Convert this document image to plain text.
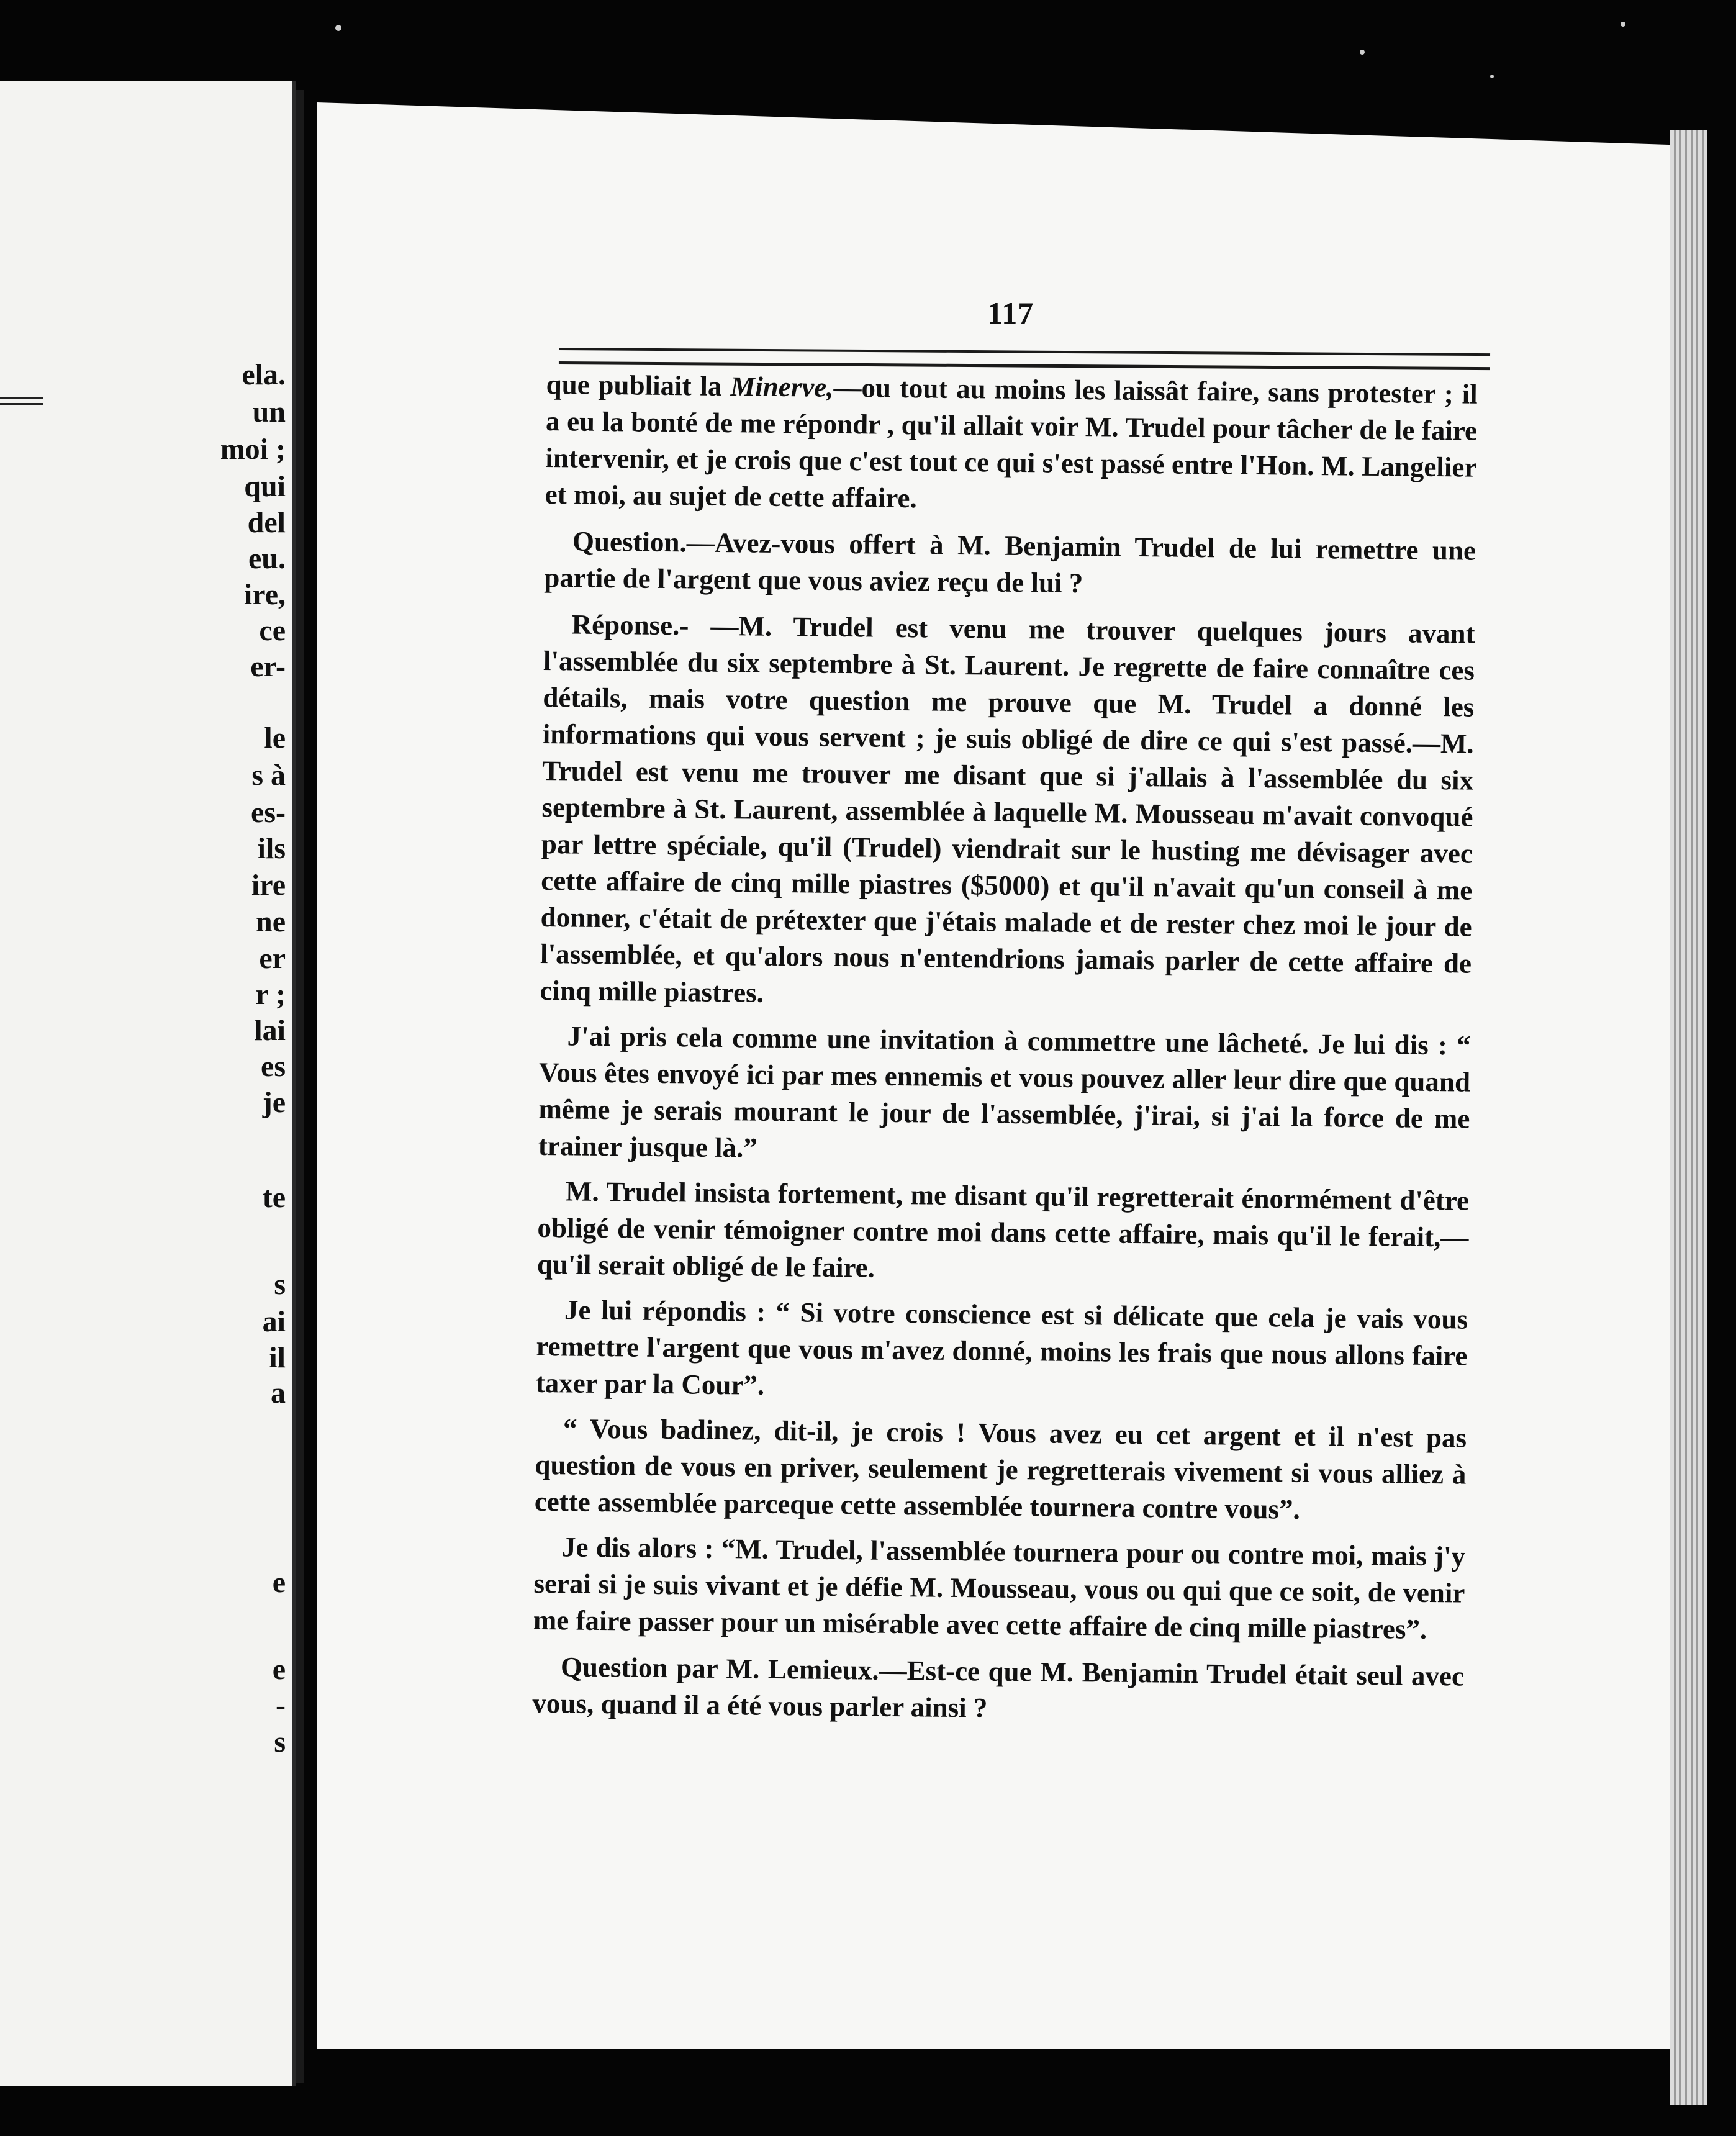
ela.
un
moi ;
qui
del
eu.
ire,
ce
er-
le
s à
es-
ils
ire
ne
er
r ;
lai
es
je
te
s
ai
il
a
e
e
-
s
117

que publiait la Minerve,—ou tout au moins les laissât faire, sans protester ; il a eu la bonté de me répondr , qu'il allait voir M. Trudel pour tâcher de le faire intervenir, et je crois que c'est tout ce qui s'est passé entre l'Hon. M. Langelier et moi, au sujet de cette affaire.

Question.—Avez-vous offert à M. Benjamin Trudel de lui remettre une partie de l'argent que vous aviez reçu de lui ?

Réponse.- —M. Trudel est venu me trouver quelques jours avant l'assemblée du six septembre à St. Laurent. Je regrette de faire connaître ces détails, mais votre question me prouve que M. Trudel a donné les informations qui vous servent ; je suis obligé de dire ce qui s'est passé.—M. Trudel est venu me trouver me disant que si j'allais à l'assemblée du six septembre à St. Laurent, assemblée à laquelle M. Mousseau m'avait convoqué par lettre spéciale, qu'il (Trudel) viendrait sur le husting me dévisager avec cette affaire de cinq mille piastres ($5000) et qu'il n'avait qu'un conseil à me donner, c'était de prétexter que j'étais malade et de rester chez moi le jour de l'assemblée, et qu'alors nous n'entendrions jamais parler de cette affaire de cinq mille piastres.

J'ai pris cela comme une invitation à commettre une lâcheté. Je lui dis : “ Vous êtes envoyé ici par mes ennemis et vous pouvez aller leur dire que quand même je serais mourant le jour de l'assemblée, j'irai, si j'ai la force de me trainer jusque là.”

M. Trudel insista fortement, me disant qu'il regretterait énormément d'être obligé de venir témoigner contre moi dans cette affaire, mais qu'il le ferait,—qu'il serait obligé de le faire.

Je lui répondis : “ Si votre conscience est si délicate que cela je vais vous remettre l'argent que vous m'avez donné, moins les frais que nous allons faire taxer par la Cour”.

“ Vous badinez, dit-il, je crois ! Vous avez eu cet argent et il n'est pas question de vous en priver, seulement je regretterais vivement si vous alliez à cette assemblée parceque cette assemblée tournera contre vous”.

Je dis alors : “M. Trudel, l'assemblée tournera pour ou contre moi, mais j'y serai si je suis vivant et je défie M. Mousseau, vous ou qui que ce soit, de venir me faire passer pour un misérable avec cette affaire de cinq mille piastres”.

Question par M. Lemieux.—Est-ce que M. Benjamin Trudel était seul avec vous, quand il a été vous parler ainsi ?
